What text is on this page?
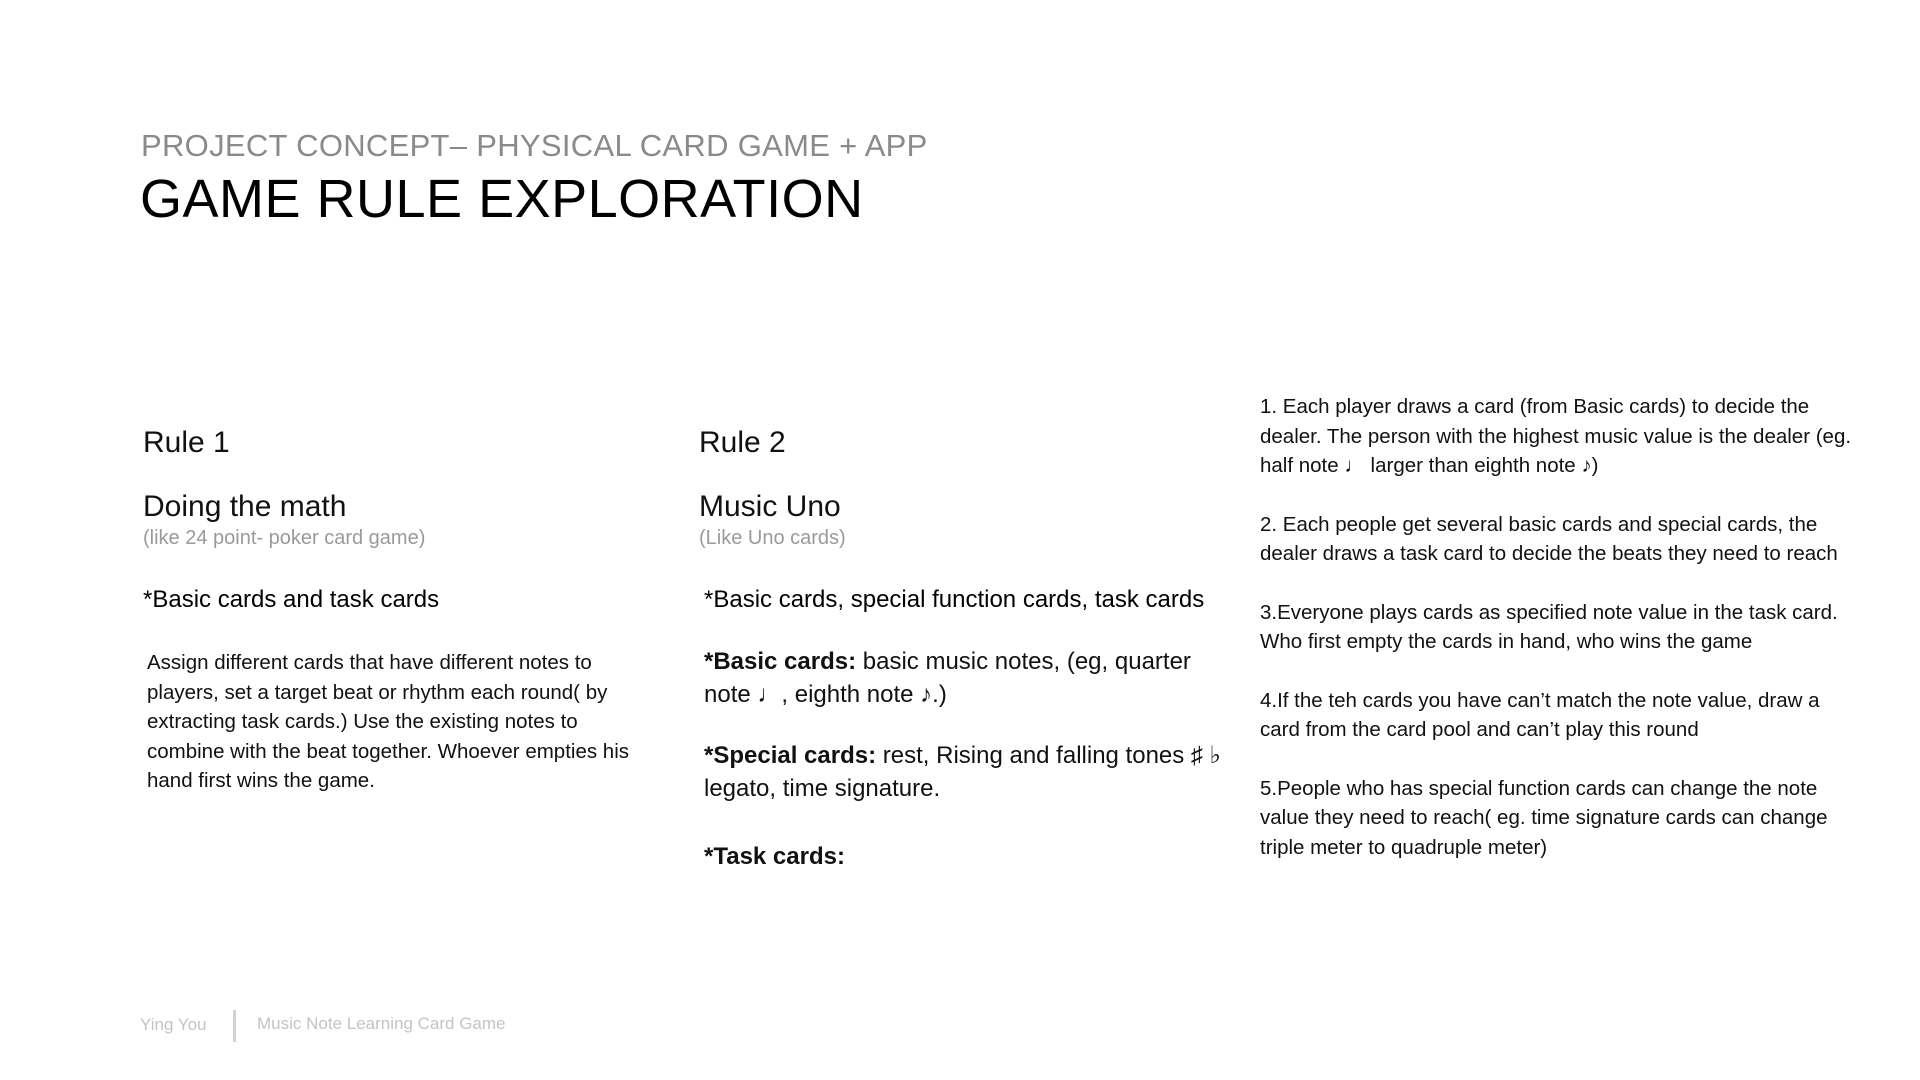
PROJECT CONCEPT– PHYSICAL CARD GAME + APP
GAME RULE EXPLORATION
Rule 1
Doing the math
(like 24 point- poker card game)
*Basic cards and task cards
Assign different cards that have different notes to players, set a target beat or rhythm each round( by extracting task cards.) Use the existing notes to combine with the beat together. Whoever empties his hand first wins the game.
Rule 2
Music Uno
(Like Uno cards)
*Basic cards, special function cards, task cards
*Basic cards: basic music notes, (eg, quarter note ♩, eighth note ♪.)
*Special cards: rest, Rising and falling tones ♯ ♭ legato, time signature.
*Task cards:

1. Each player draws a card (from Basic cards) to decide the dealer. The person with the highest music value is the dealer (eg. half note ♩ larger than eighth note ♪)

2. Each people get several basic cards and special cards, the dealer draws a task card to decide the beats they need to reach

3.Everyone plays cards as specified note value in the task card. Who first empty the cards in hand, who wins the game

4.If the teh cards you have can’t match the note value, draw a card from the card pool and can’t play this round

5.People who has special function cards can change the note value they need to reach( eg. time signature cards can change triple meter to quadruple meter)

Ying You	Music Note Learning Card Game
